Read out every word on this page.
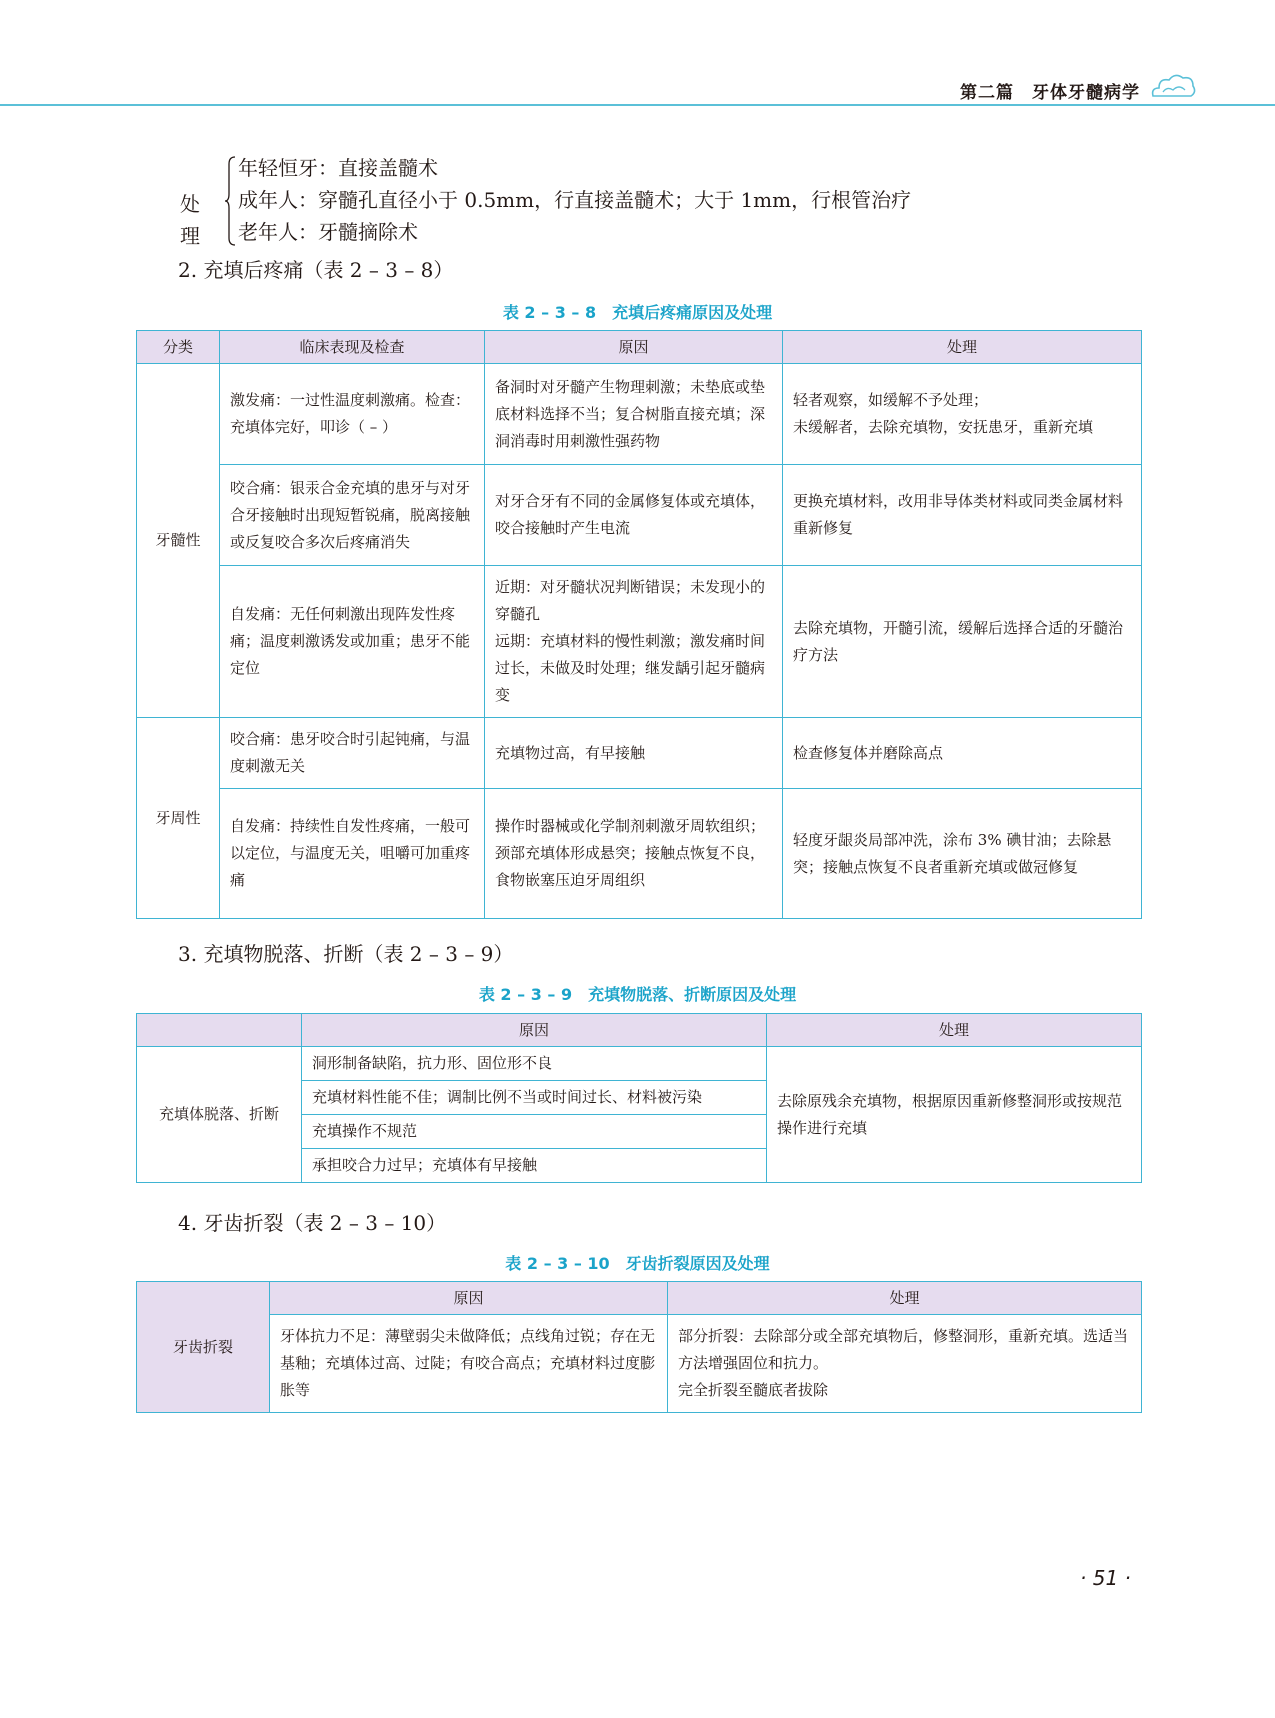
第二篇　牙体牙髓病学
处理
年轻恒牙：直接盖髓术
成年人：穿髓孔直径小于 0.5mm，行直接盖髓术；大于 1mm，行根管治疗
老年人：牙髓摘除术
2. 充填后疼痛（表 2 – 3 – 8）
表 2 – 3 – 8　充填后疼痛原因及处理
分类	临床表现及检查	原因	处理
牙髓性	激发痛：一过性温度刺激痛。检查：充填体完好，叩诊（ – ）	备洞时对牙髓产生物理刺激；未垫底或垫底材料选择不当；复合树脂直接充填；深洞消毒时用刺激性强药物	轻者观察，如缓解不予处理；
未缓解者，去除充填物，安抚患牙，重新充填
	咬合痛：银汞合金充填的患牙与对牙合牙接触时出现短暂锐痛，脱离接触或反复咬合多次后疼痛消失	对牙合牙有不同的金属修复体或充填体，咬合接触时产生电流	更换充填材料，改用非导体类材料或同类金属材料重新修复
	自发痛：无任何刺激出现阵发性疼痛；温度刺激诱发或加重；患牙不能定位	近期：对牙髓状况判断错误；未发现小的穿髓孔
远期：充填材料的慢性刺激；激发痛时间过长，未做及时处理；继发龋引起牙髓病变	去除充填物，开髓引流，缓解后选择合适的牙髓治疗方法
牙周性	咬合痛：患牙咬合时引起钝痛，与温度刺激无关	充填物过高，有早接触	检查修复体并磨除高点
	自发痛：持续性自发性疼痛，一般可以定位，与温度无关，咀嚼可加重疼痛	操作时器械或化学制剂刺激牙周软组织；颈部充填体形成悬突；接触点恢复不良，食物嵌塞压迫牙周组织	轻度牙龈炎局部冲洗，涂布 3% 碘甘油；去除悬突；接触点恢复不良者重新充填或做冠修复
3. 充填物脱落、折断（表 2 – 3 – 9）
表 2 – 3 – 9　充填物脱落、折断原因及处理
	原因	处理
充填体脱落、折断	洞形制备缺陷，抗力形、固位形不良	去除原残余充填物，根据原因重新修整洞形或按规范操作进行充填
	充填材料性能不佳；调制比例不当或时间过长、材料被污染	
	充填操作不规范	
	承担咬合力过早；充填体有早接触	
4. 牙齿折裂（表 2 – 3 – 10）
表 2 – 3 – 10　牙齿折裂原因及处理
牙齿折裂	原因	处理
	牙体抗力不足：薄壁弱尖未做降低；点线角过锐；存在无基釉；充填体过高、过陡；有咬合高点；充填材料过度膨胀等	部分折裂：去除部分或全部充填物后，修整洞形，重新充填。选适当方法增强固位和抗力。
完全折裂至髓底者拔除
· 51 ·
